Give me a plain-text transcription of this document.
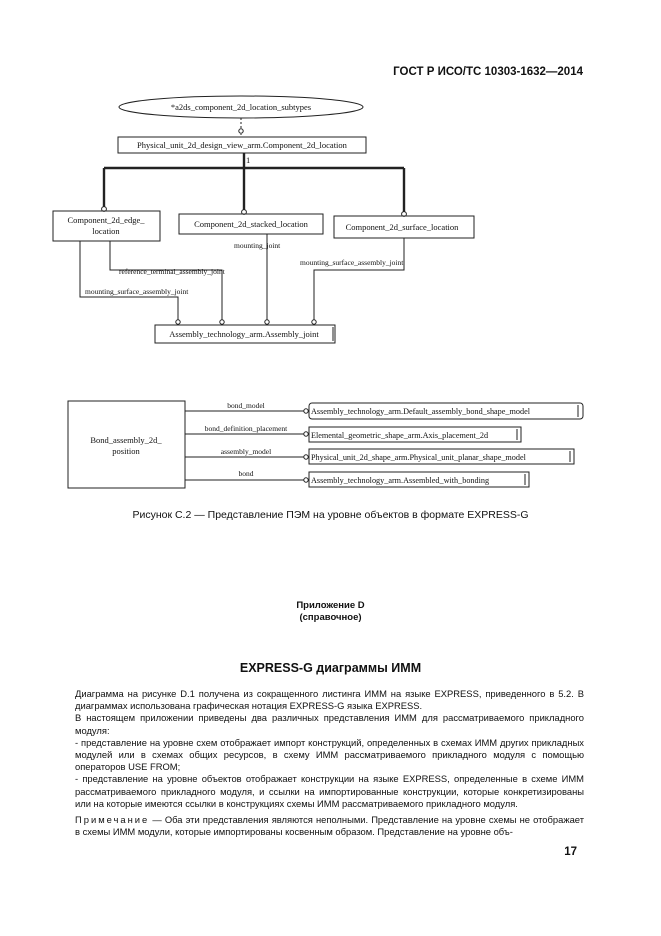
ГОСТ Р ИСО/ТС 10303-1632—2014
*a2ds_component_2d_location_subtypes
Physical_unit_2d_design_view_arm.Component_2d_location
1
Component_2d_edge_
location
Component_2d_stacked_location	Component_2d_surface_location
mounting_joint
mounting_surface_assembly_joint
reference_terminal_assembly_joint
mounting_surface_assembly_joint
Assembly_technology_arm.Assembly_joint
Bond_assembly_2d_
position
bond_model
bond_definition_placement
assembly_model
bond
Assembly_technology_arm.Default_assembly_bond_shape_model
Elemental_geometric_shape_arm.Axis_placement_2d
Physical_unit_2d_shape_arm.Physical_unit_planar_shape_model
Assembly_technology_arm.Assembled_with_bonding
Рисунок С.2 — Представление ПЭМ на уровне объектов в формате EXPRESS-G
Приложение D
(справочное)
EXPRESS-G диаграммы ИММ

Диаграмма на рисунке D.1 получена из сокращенного листинга ИММ на языке EXPRESS, приведенного в 5.2. В диаграммах использована графическая нотация EXPRESS-G языка EXPRESS.

В настоящем приложении приведены два различных представления ИММ для рассматриваемого прикладного модуля:

- представление на уровне схем отображает импорт конструкций, определенных в схемах ИММ других прикладных модулей или в схемах общих ресурсов, в схему ИММ рассматриваемого прикладного модуля с помощью операторов USE FROM;

- представление на уровне объектов отображает конструкции на языке EXPRESS, определенные в схеме ИММ рассматриваемого прикладного модуля, и ссылки на импортированные конструкции, которые конкретизированы или на которые имеются ссылки в конструкциях схемы ИММ рассматриваемого прикладного модуля.

Примечание — Оба эти представления являются неполными. Представление на уровне схемы не отображает в схемы ИММ модули, которые импортированы косвенным образом. Представление на уровне объ-

17
